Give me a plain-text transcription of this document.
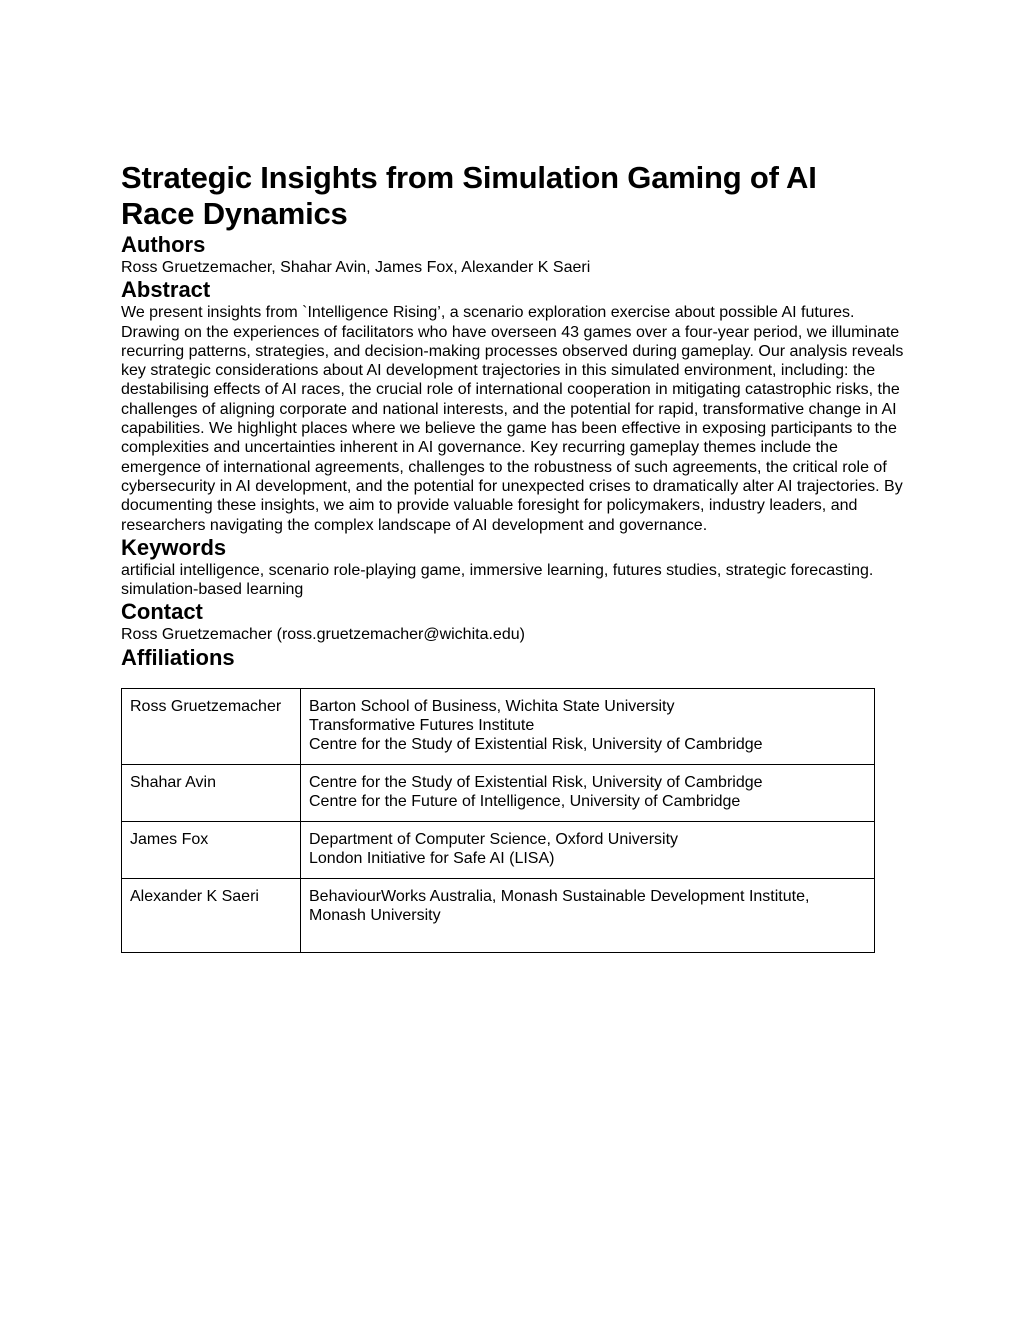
Strategic Insights from Simulation Gaming of AI
Race Dynamics
Authors

Ross Gruetzemacher, Shahar Avin, James Fox, Alexander K Saeri

Abstract

We present insights from `Intelligence Rising’, a scenario exploration exercise about possible AI futures. Drawing on the experiences of facilitators who have overseen 43 games over a four-year period, we illuminate recurring patterns, strategies, and decision-making processes observed during gameplay. Our analysis reveals key strategic considerations about AI development trajectories in this simulated environment, including: the destabilising effects of AI races, the crucial role of international cooperation in mitigating catastrophic risks, the challenges of aligning corporate and national interests, and the potential for rapid, transformative change in AI capabilities. We highlight places where we believe the game has been effective in exposing participants to the complexities and uncertainties inherent in AI governance. Key recurring gameplay themes include the emergence of international agreements, challenges to the robustness of such agreements, the critical role of cybersecurity in AI development, and the potential for unexpected crises to dramatically alter AI trajectories. By documenting these insights, we aim to provide valuable foresight for policymakers, industry leaders, and researchers navigating the complex landscape of AI development and governance.

Keywords

artificial intelligence, scenario role-playing game, immersive learning, futures studies, strategic forecasting. simulation-based learning

Contact

Ross Gruetzemacher (ross.gruetzemacher@wichita.edu)

Affiliations
Ross Gruetzemacher	Barton School of Business, Wichita State University
Transformative Futures Institute
Centre for the Study of Existential Risk, University of Cambridge

Shahar Avin	Centre for the Study of Existential Risk, University of Cambridge
Centre for the Future of Intelligence, University of Cambridge

James Fox	Department of Computer Science, Oxford University
London Initiative for Safe AI (LISA)

Alexander K Saeri	BehaviourWorks Australia, Monash Sustainable Development Institute, Monash University
